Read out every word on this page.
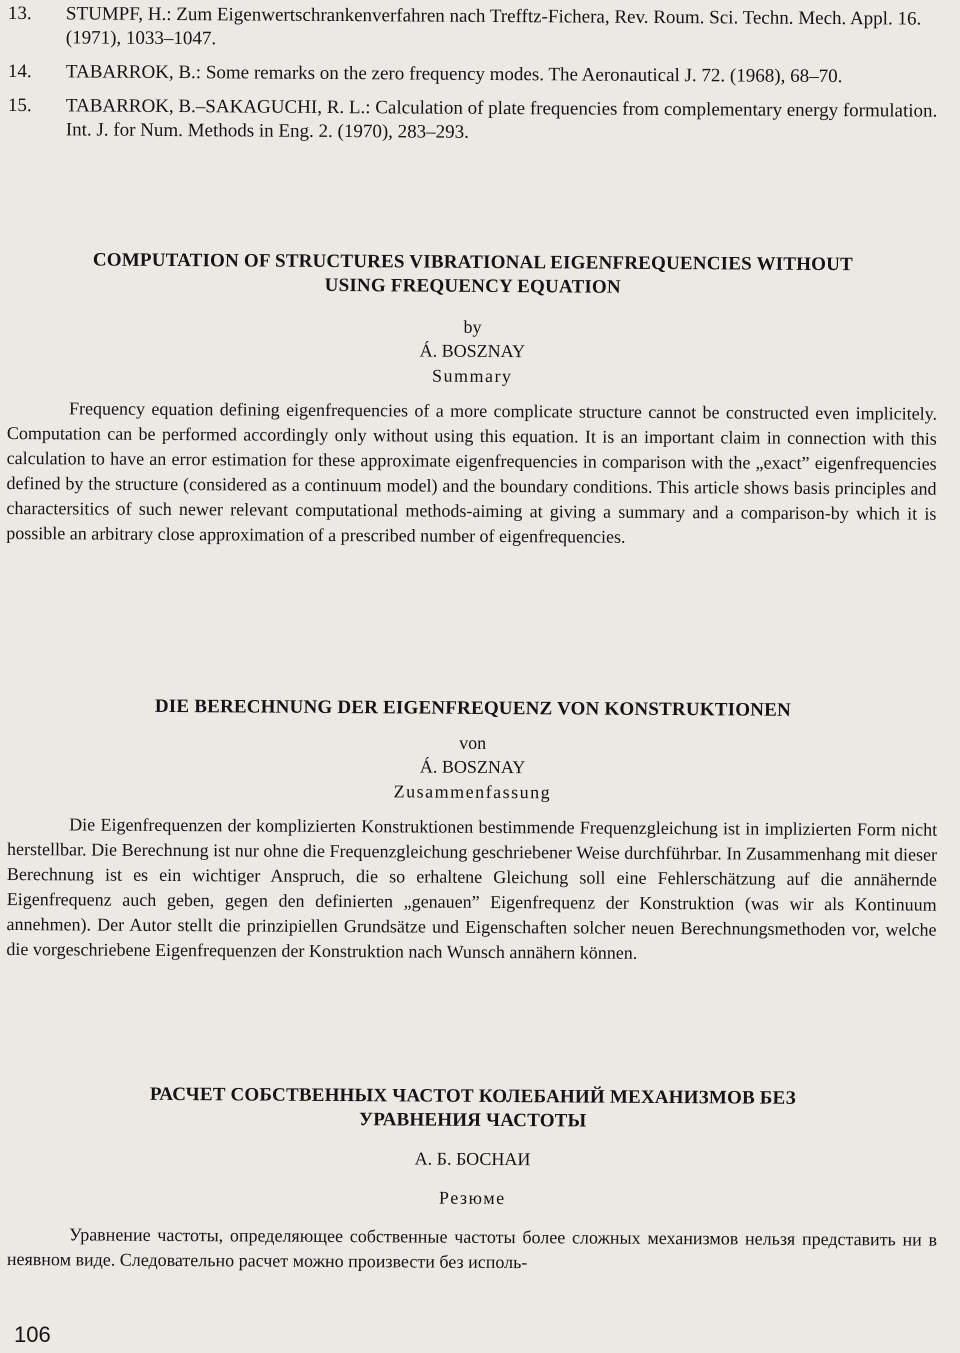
13. STUMPF, H.: Zum Eigenwertschrankenverfahren nach Trefftz-Fichera, Rev. Roum. Sci. Techn. Mech. Appl. 16. (1971), 1033–1047.
14. TABARROK, B.: Some remarks on the zero frequency modes. The Aeronautical J. 72. (1968), 68–70.
15. TABARROK, B.–SAKAGUCHI, R. L.: Calculation of plate frequencies from complementary energy formulation. Int. J. for Num. Methods in Eng. 2. (1970), 283–293.
COMPUTATION OF STRUCTURES VIBRATIONAL EIGENFREQUENCIES WITHOUT USING FREQUENCY EQUATION
by
Á. BOSZNAY
Summary
Frequency equation defining eigenfrequencies of a more complicate structure cannot be constructed even implicitely. Computation can be performed accordingly only without using this equation. It is an important claim in connection with this calculation to have an error estimation for these approximate eigenfrequencies in comparison with the „exact” eigenfrequencies defined by the structure (considered as a continuum model) and the boundary conditions. This article shows basis principles and charactersitics of such newer relevant computational methods-aiming at giving a summary and a comparison-by which it is possible an arbitrary close approximation of a prescribed number of eigenfrequencies.
DIE BERECHNUNG DER EIGENFREQUENZ VON KONSTRUKTIONEN
von
Á. BOSZNAY
Zusammenfassung
Die Eigenfrequenzen der komplizierten Konstruktionen bestimmende Frequenzgleichung ist in implizierten Form nicht herstellbar. Die Berechnung ist nur ohne die Frequenzgleichung geschriebener Weise durchführbar. In Zusammenhang mit dieser Berechnung ist es ein wichtiger Anspruch, die so erhaltene Gleichung soll eine Fehlerschätzung auf die annähernde Eigenfrequenz auch geben, gegen den definierten „genauen” Eigenfrequenz der Konstruktion (was wir als Kontinuum annehmen). Der Autor stellt die prinzipiellen Grundsätze und Eigenschaften solcher neuen Berechnungsmethoden vor, welche die vorgeschriebene Eigenfrequenzen der Konstruktion nach Wunsch annähern können.
РАСЧЕТ СОБСТВЕННЫХ ЧАСТОТ КОЛЕБАНИЙ МЕХАНИЗМОВ БЕЗ УРАВНЕНИЯ ЧАСТОТЫ
А. Б. БОСНАИ
Резюме
Уравнение частоты, определяющее собственные частоты более сложных механизмов нельзя представить ни в неявном виде. Следовательно расчет можно произвести без исполь-
106
